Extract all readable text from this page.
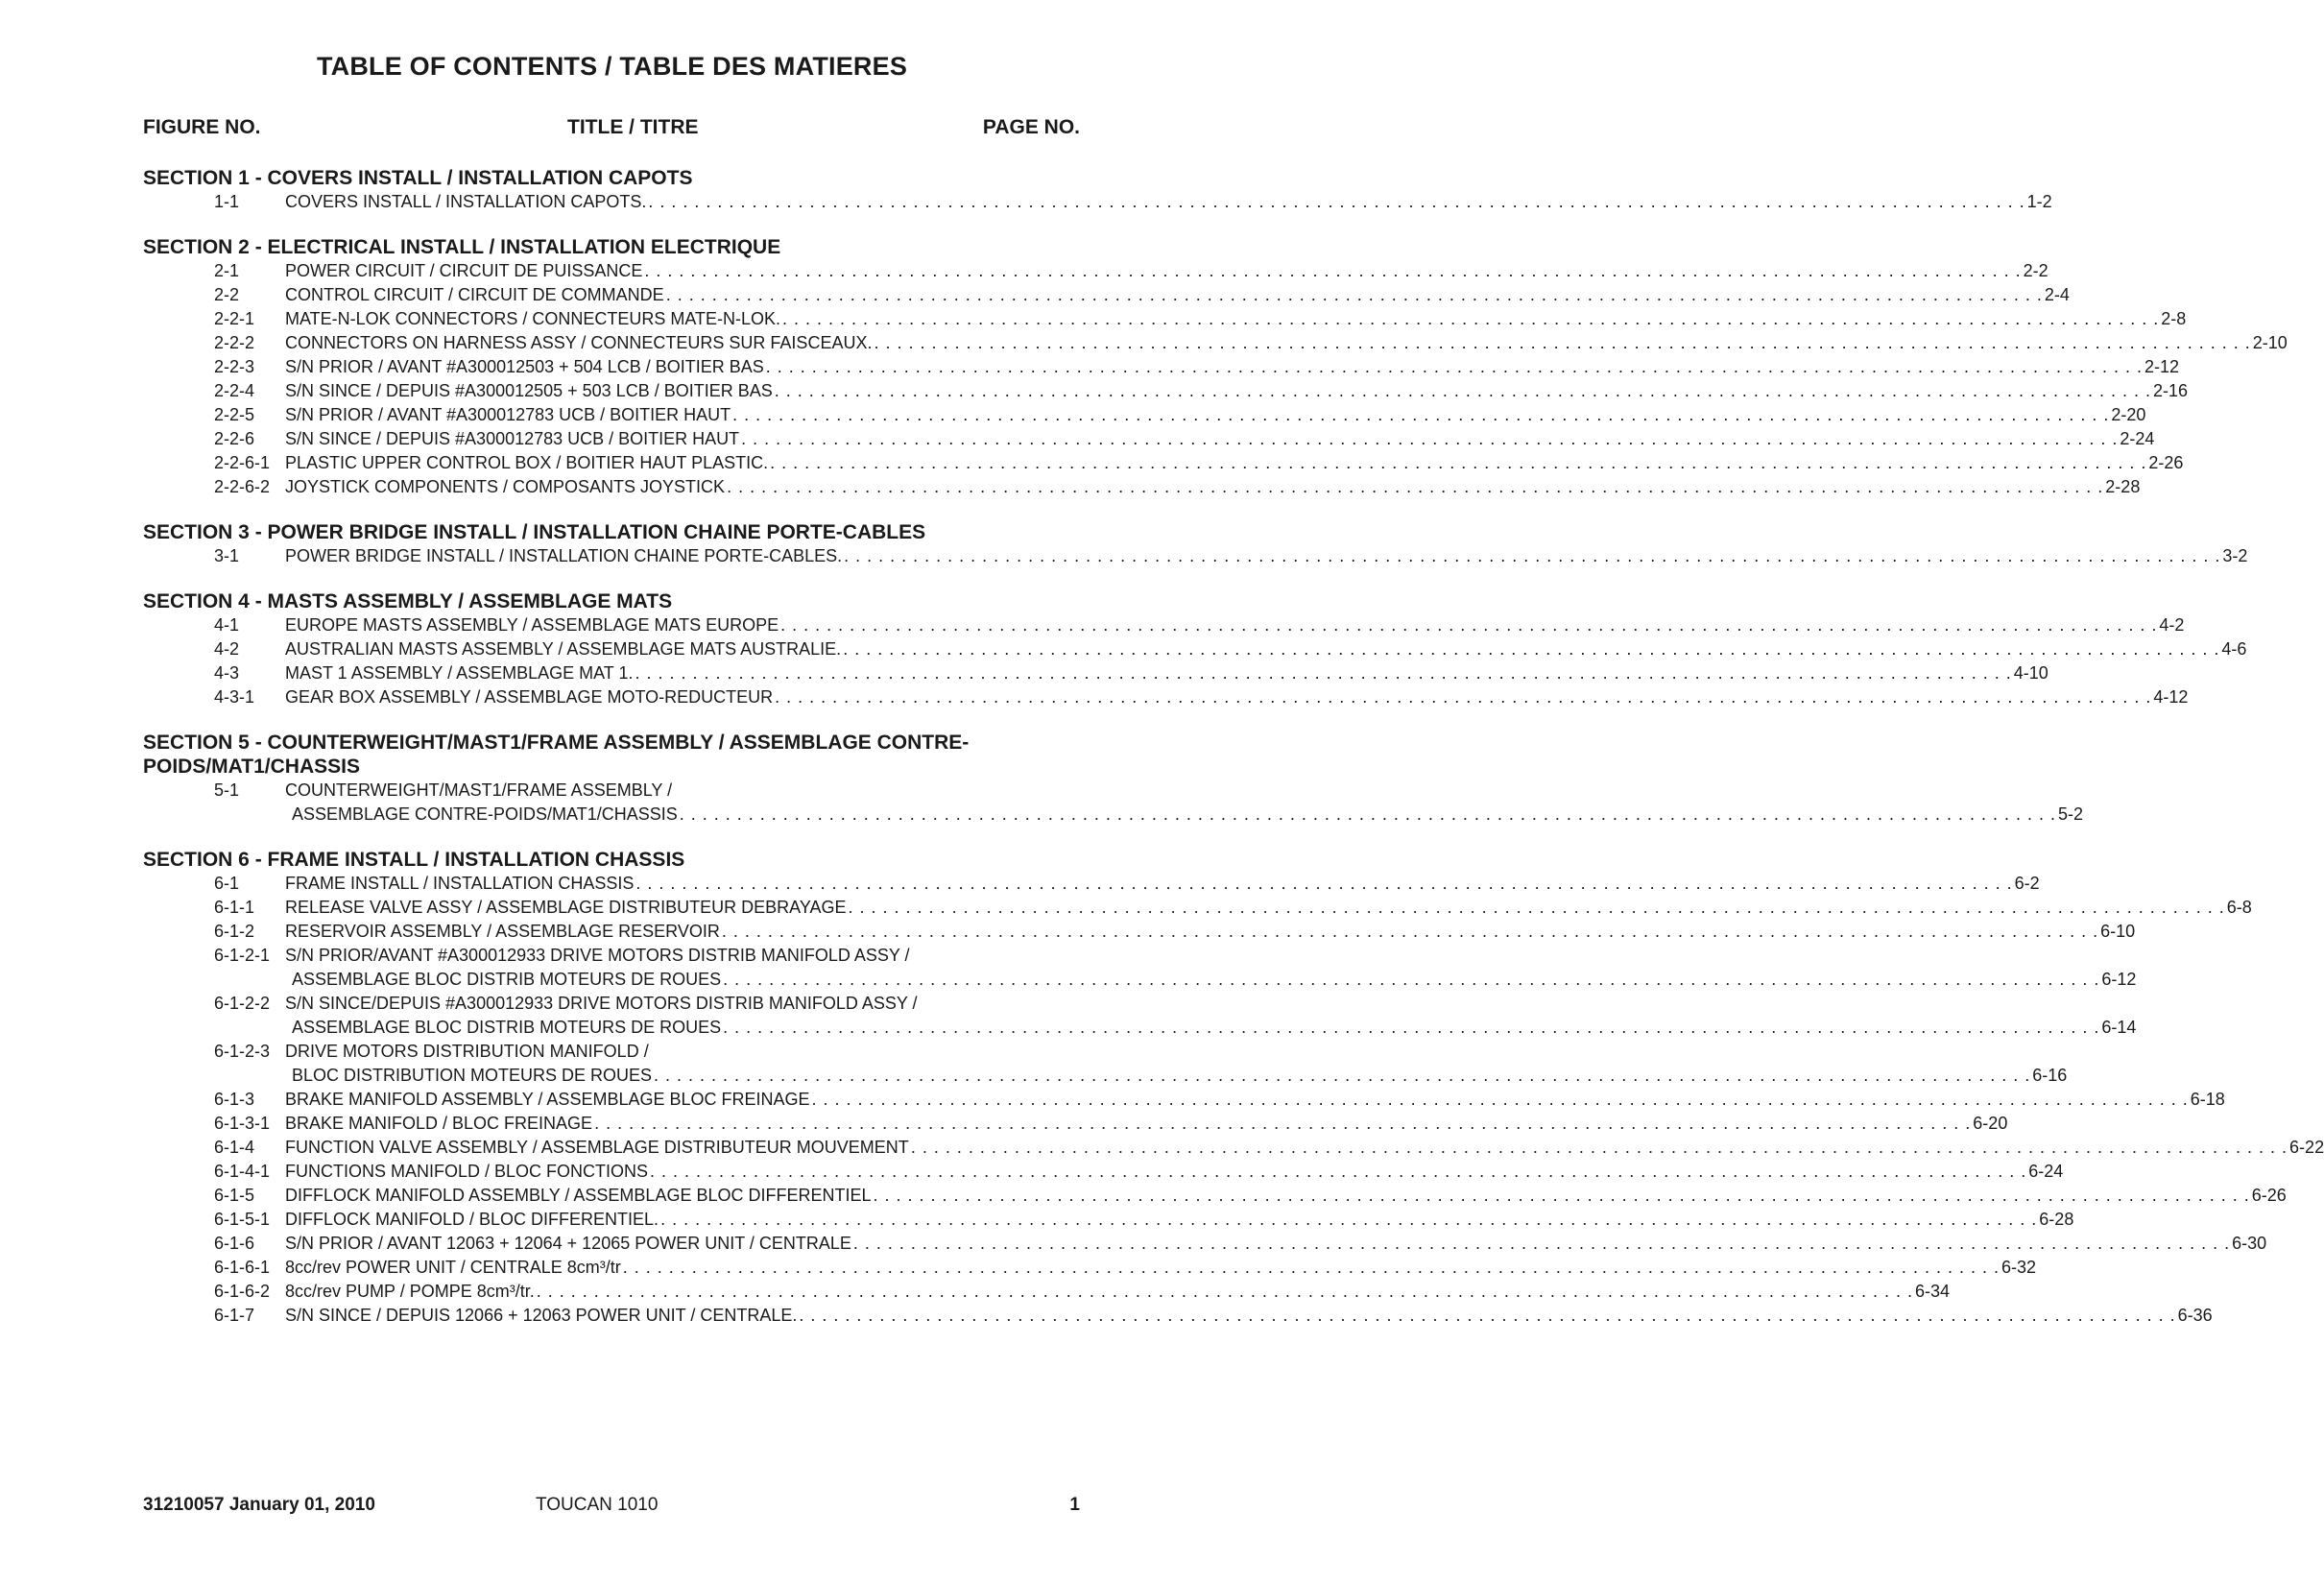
TABLE OF CONTENTS / TABLE DES MATIERES
FIGURE NO.	TITLE / TITRE	PAGE NO.
SECTION 1 - COVERS INSTALL / INSTALLATION CAPOTS
1-1	COVERS INSTALL / INSTALLATION CAPOTS. . . . . . . . . . . . . . . . . . . . . . . . . . . . . . . . . . . . . . . . . . . . . . . . . . . . . . . . . . . . . . . . . . . . . . . . . . . . . . . . . . . . . . . . . . . . . . . . . . . . . . . . . . . . . . . . . . . . . . . . . 1-2
SECTION 2 - ELECTRICAL INSTALL / INSTALLATION ELECTRIQUE
2-1	POWER CIRCUIT / CIRCUIT DE PUISSANCE . . . . . . . . . . . . . . . . . . . . . . . . . . . . . . . . . . . . . . . . . . . . . . . . . . . . . . . . . . . . . . . . . . . . . . . . . . . . . . . . . . . . . . . . . . . . . . . . . . . . . . . . . . . . . . . . . . . . . . . . 2-2
2-2	CONTROL CIRCUIT / CIRCUIT DE COMMANDE . . . . . . . . . . . . . . . . . . . . . . . . . . . . . . . . . . . . . . . . . . . . . . . . . . . . . . . . . . . . . . . . . . . . . . . . . . . . . . . . . . . . . . . . . . . . . . . . . . . . . . . . . . . . . . . . . . . . . . . . 2-4
2-2-1 MATE-N-LOK CONNECTORS / CONNECTEURS MATE-N-LOK. . . . . . . . . . . . . . . . . . . . . . . . . . . . . . . . . . . . . . . . . . . . . . . . . . . . . . . . . . . . . . . . . . . . . . . . . . . . . . . . . . . . . . . . . . . . . . . . . . . . . . . . . . . . . . . . . . . . . . . . . 2-8
2-2-2 CONNECTORS ON HARNESS ASSY / CONNECTEURS SUR FAISCEAUX. . . . . . . . . . . . . . . . . . . . . . . . . . . . . . . . . . . . . . . . . . . . . . . . . . . . . . . . . . . . . . . . . . . . . . . . . . . . . . . . . . . . . . . . . . . . . . . . . . . . . . . . . . . . . . . . . . . . . . . . . 2-10
2-2-3 S/N PRIOR / AVANT #A300012503 + 504 LCB / BOITIER BAS . . . . . . . . . . . . . . . . . . . . . . . . . . . . . . . . . . . . . . . . . . . . . . . . . . . . . . . . . . . . . . . . . . . . . . . . . . . . . . . . . . . . . . . . . . . . . . . . . . . . . . . . . . . . . . . . . . . . . . . . 2-12
2-2-4 S/N SINCE / DEPUIS #A300012505 + 503 LCB / BOITIER BAS . . . . . . . . . . . . . . . . . . . . . . . . . . . . . . . . . . . . . . . . . . . . . . . . . . . . . . . . . . . . . . . . . . . . . . . . . . . . . . . . . . . . . . . . . . . . . . . . . . . . . . . . . . . . . . . . . . . . . . . . 2-16
2-2-5 S/N PRIOR / AVANT #A300012783 UCB / BOITIER HAUT . . . . . . . . . . . . . . . . . . . . . . . . . . . . . . . . . . . . . . . . . . . . . . . . . . . . . . . . . . . . . . . . . . . . . . . . . . . . . . . . . . . . . . . . . . . . . . . . . . . . . . . . . . . . . . . . . . . . . . . . 2-20
2-2-6 S/N SINCE / DEPUIS #A300012783 UCB / BOITIER HAUT . . . . . . . . . . . . . . . . . . . . . . . . . . . . . . . . . . . . . . . . . . . . . . . . . . . . . . . . . . . . . . . . . . . . . . . . . . . . . . . . . . . . . . . . . . . . . . . . . . . . . . . . . . . . . . . . . . . . . . . . 2-24
2-2-6-1 PLASTIC UPPER CONTROL BOX / BOITIER HAUT PLASTIC. . . . . . . . . . . . . . . . . . . . . . . . . . . . . . . . . . . . . . . . . . . . . . . . . . . . . . . . . . . . . . . . . . . . . . . . . . . . . . . . . . . . . . . . . . . . . . . . . . . . . . . . . . . . . . . . . . . . . . . . . 2-26
2-2-6-2 JOYSTICK COMPONENTS / COMPOSANTS JOYSTICK . . . . . . . . . . . . . . . . . . . . . . . . . . . . . . . . . . . . . . . . . . . . . . . . . . . . . . . . . . . . . . . . . . . . . . . . . . . . . . . . . . . . . . . . . . . . . . . . . . . . . . . . . . . . . . . . . . . . . . . . 2-28
SECTION 3 - POWER BRIDGE INSTALL / INSTALLATION CHAINE PORTE-CABLES
3-1	POWER BRIDGE INSTALL / INSTALLATION CHAINE PORTE-CABLES. . . . . . . . . . . . . . . . . . . . . . . . . . . . . . . . . . . . . . . . . . . . . . . . . . . . . . . . . . . . . . . . . . . . . . . . . . . . . . . . . . . . . . . . . . . . . . . . . . . . . . . . . . . . . . . . . . . . . . . . . 3-2
SECTION 4 - MASTS ASSEMBLY / ASSEMBLAGE MATS
4-1	EUROPE MASTS ASSEMBLY / ASSEMBLAGE MATS EUROPE . . . . . . . . . . . . . . . . . . . . . . . . . . . . . . . . . . . . . . . . . . . . . . . . . . . . . . . . . . . . . . . . . . . . . . . . . . . . . . . . . . . . . . . . . . . . . . . . . . . . . . . . . . . . . . . . . . . . . . . . 4-2
4-2	AUSTRALIAN MASTS ASSEMBLY / ASSEMBLAGE MATS AUSTRALIE. . . . . . . . . . . . . . . . . . . . . . . . . . . . . . . . . . . . . . . . . . . . . . . . . . . . . . . . . . . . . . . . . . . . . . . . . . . . . . . . . . . . . . . . . . . . . . . . . . . . . . . . . . . . . . . . . . . . . . . . . 4-6
4-3	MAST 1 ASSEMBLY / ASSEMBLAGE MAT 1. . . . . . . . . . . . . . . . . . . . . . . . . . . . . . . . . . . . . . . . . . . . . . . . . . . . . . . . . . . . . . . . . . . . . . . . . . . . . . . . . . . . . . . . . . . . . . . . . . . . . . . . . . . . . . . . . . . . . . . . . 4-10
4-3-1 GEAR BOX ASSEMBLY / ASSEMBLAGE MOTO-REDUCTEUR . . . . . . . . . . . . . . . . . . . . . . . . . . . . . . . . . . . . . . . . . . . . . . . . . . . . . . . . . . . . . . . . . . . . . . . . . . . . . . . . . . . . . . . . . . . . . . . . . . . . . . . . . . . . . . . . . . . . . . . . 4-12
SECTION 5 - COUNTERWEIGHT/MAST1/FRAME ASSEMBLY / ASSEMBLAGE CONTRE-POIDS/MAT1/CHASSIS
5-1	COUNTERWEIGHT/MAST1/FRAME ASSEMBLY /
ASSEMBLAGE CONTRE-POIDS/MAT1/CHASSIS . . . . . . . . . . . . . . . . . . . . . . . . . . . . . . . . . . . . . . . . . . . . . . . . . . . . . . . . . . . . . . . . . . . . . . . . . . . . . . . . . . . . . . . . . . . . . . . . . . . . . . . . . . . . . . . . . . . . . . . . 5-2
SECTION 6 - FRAME INSTALL / INSTALLATION CHASSIS
6-1	FRAME INSTALL / INSTALLATION CHASSIS . . . . . . . . . . . . . . . . . . . . . . . . . . . . . . . . . . . . . . . . . . . . . . . . . . . . . . . . . . . . . . . . . . . . . . . . . . . . . . . . . . . . . . . . . . . . . . . . . . . . . . . . . . . . . . . . . . . . . . . . 6-2
6-1-1 RELEASE VALVE ASSY / ASSEMBLAGE DISTRIBUTEUR DEBRAYAGE . . . . . . . . . . . . . . . . . . . . . . . . . . . . . . . . . . . . . . . . . . . . . . . . . . . . . . . . . . . . . . . . . . . . . . . . . . . . . . . . . . . . . . . . . . . . . . . . . . . . . . . . . . . . . . . . . . . . . . . . 6-8
6-1-2 RESERVOIR ASSEMBLY / ASSEMBLAGE RESERVOIR . . . . . . . . . . . . . . . . . . . . . . . . . . . . . . . . . . . . . . . . . . . . . . . . . . . . . . . . . . . . . . . . . . . . . . . . . . . . . . . . . . . . . . . . . . . . . . . . . . . . . . . . . . . . . . . . . . . . . . . . 6-10
6-1-2-1 S/N PRIOR/AVANT #A300012933 DRIVE MOTORS DISTRIB MANIFOLD ASSY /
ASSEMBLAGE BLOC DISTRIB MOTEURS DE ROUES . . . . . . . . . . . . . . . . . . . . . . . . . . . . . . . . . . . . . . . . . . . . . . . . . . . . . . . . . . . . . . . . . . . . . . . . . . . . . . . . . . . . . . . . . . . . . . . . . . . . . . . . . . . . . . . . . . . . . . . . 6-12
6-1-2-2 S/N SINCE/DEPUIS #A300012933 DRIVE MOTORS DISTRIB MANIFOLD ASSY /
ASSEMBLAGE BLOC DISTRIB MOTEURS DE ROUES . . . . . . . . . . . . . . . . . . . . . . . . . . . . . . . . . . . . . . . . . . . . . . . . . . . . . . . . . . . . . . . . . . . . . . . . . . . . . . . . . . . . . . . . . . . . . . . . . . . . . . . . . . . . . . . . . . . . . . . . 6-14
6-1-2-3 DRIVE MOTORS DISTRIBUTION MANIFOLD /
BLOC DISTRIBUTION MOTEURS DE ROUES . . . . . . . . . . . . . . . . . . . . . . . . . . . . . . . . . . . . . . . . . . . . . . . . . . . . . . . . . . . . . . . . . . . . . . . . . . . . . . . . . . . . . . . . . . . . . . . . . . . . . . . . . . . . . . . . . . . . . . . . 6-16
6-1-3 BRAKE MANIFOLD ASSEMBLY / ASSEMBLAGE BLOC FREINAGE . . . . . . . . . . . . . . . . . . . . . . . . . . . . . . . . . . . . . . . . . . . . . . . . . . . . . . . . . . . . . . . . . . . . . . . . . . . . . . . . . . . . . . . . . . . . . . . . . . . . . . . . . . . . . . . . . . . . . . . . 6-18
6-1-3-1 BRAKE MANIFOLD / BLOC FREINAGE . . . . . . . . . . . . . . . . . . . . . . . . . . . . . . . . . . . . . . . . . . . . . . . . . . . . . . . . . . . . . . . . . . . . . . . . . . . . . . . . . . . . . . . . . . . . . . . . . . . . . . . . . . . . . . . . . . . . . . . . 6-20
6-1-4 FUNCTION VALVE ASSEMBLY / ASSEMBLAGE DISTRIBUTEUR MOUVEMENT . . . . . . . . . . . . . . . . . . . . . . . . . . . . . . . . . . . . . . . . . . . . . . . . . . . . . . . . . . . . . . . . . . . . . . . . . . . . . . . . . . . . . . . . . . . . . . . . . . . . . . . . . . . . . . . . . . . . . . . . 6-22
6-1-4-1 FUNCTIONS MANIFOLD / BLOC FONCTIONS . . . . . . . . . . . . . . . . . . . . . . . . . . . . . . . . . . . . . . . . . . . . . . . . . . . . . . . . . . . . . . . . . . . . . . . . . . . . . . . . . . . . . . . . . . . . . . . . . . . . . . . . . . . . . . . . . . . . . . . . 6-24
6-1-5 DIFFLOCK MANIFOLD ASSEMBLY / ASSEMBLAGE BLOC DIFFERENTIEL . . . . . . . . . . . . . . . . . . . . . . . . . . . . . . . . . . . . . . . . . . . . . . . . . . . . . . . . . . . . . . . . . . . . . . . . . . . . . . . . . . . . . . . . . . . . . . . . . . . . . . . . . . . . . . . . . . . . . . . . 6-26
6-1-5-1 DIFFLOCK MANIFOLD / BLOC DIFFERENTIEL. . . . . . . . . . . . . . . . . . . . . . . . . . . . . . . . . . . . . . . . . . . . . . . . . . . . . . . . . . . . . . . . . . . . . . . . . . . . . . . . . . . . . . . . . . . . . . . . . . . . . . . . . . . . . . . . . . . . . . . . . 6-28
6-1-6 S/N PRIOR / AVANT 12063 + 12064 + 12065 POWER UNIT / CENTRALE . . . . . . . . . . . . . . . . . . . . . . . . . . . . . . . . . . . . . . . . . . . . . . . . . . . . . . . . . . . . . . . . . . . . . . . . . . . . . . . . . . . . . . . . . . . . . . . . . . . . . . . . . . . . . . . . . . . . . . . . 6-30
6-1-6-1 8cc/rev POWER UNIT / CENTRALE 8cm³/tr . . . . . . . . . . . . . . . . . . . . . . . . . . . . . . . . . . . . . . . . . . . . . . . . . . . . . . . . . . . . . . . . . . . . . . . . . . . . . . . . . . . . . . . . . . . . . . . . . . . . . . . . . . . . . . . . . . . . . . . . 6-32
6-1-6-2 8cc/rev PUMP / POMPE 8cm³/tr. . . . . . . . . . . . . . . . . . . . . . . . . . . . . . . . . . . . . . . . . . . . . . . . . . . . . . . . . . . . . . . . . . . . . . . . . . . . . . . . . . . . . . . . . . . . . . . . . . . . . . . . . . . . . . . . . . . . . . . . . 6-34
6-1-7 S/N SINCE / DEPUIS 12066 + 12063 POWER UNIT / CENTRALE. . . . . . . . . . . . . . . . . . . . . . . . . . . . . . . . . . . . . . . . . . . . . . . . . . . . . . . . . . . . . . . . . . . . . . . . . . . . . . . . . . . . . . . . . . . . . . . . . . . . . . . . . . . . . . . . . . . . . . . . . 6-36
31210057 January 01, 2010	TOUCAN 1010	1
